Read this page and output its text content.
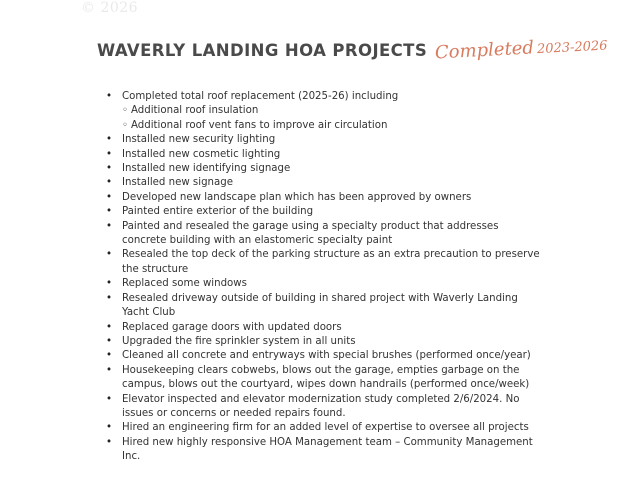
© 2026
WAVERLY LANDING HOA PROJECTS Completed 2023-2026
• Completed total roof replacement (2025-26) including
◦ Additional roof insulation
◦ Additional roof vent fans to improve air circulation
• Installed new security lighting
• Installed new cosmetic lighting
• Installed new identifying signage
• Installed new signage
• Developed new landscape plan which has been approved by owners
• Painted entire exterior of the building
• Painted and resealed the garage using a specialty product that addresses concrete building with an elastomeric specialty paint
• Resealed the top deck of the parking structure as an extra precaution to preserve the structure
• Replaced some windows
• Resealed driveway outside of building in shared project with Waverly Landing Yacht Club
• Replaced garage doors with updated doors
• Upgraded the fire sprinkler system in all units
• Cleaned all concrete and entryways with special brushes (performed once/year)
• Housekeeping clears cobwebs, blows out the garage, empties garbage on the campus, blows out the courtyard, wipes down handrails (performed once/week)
• Elevator inspected and elevator modernization study completed 2/6/2024. No issues or concerns or needed repairs found.
• Hired an engineering firm for an added level of expertise to oversee all projects
• Hired new highly responsive HOA Management team – Community Management Inc.
